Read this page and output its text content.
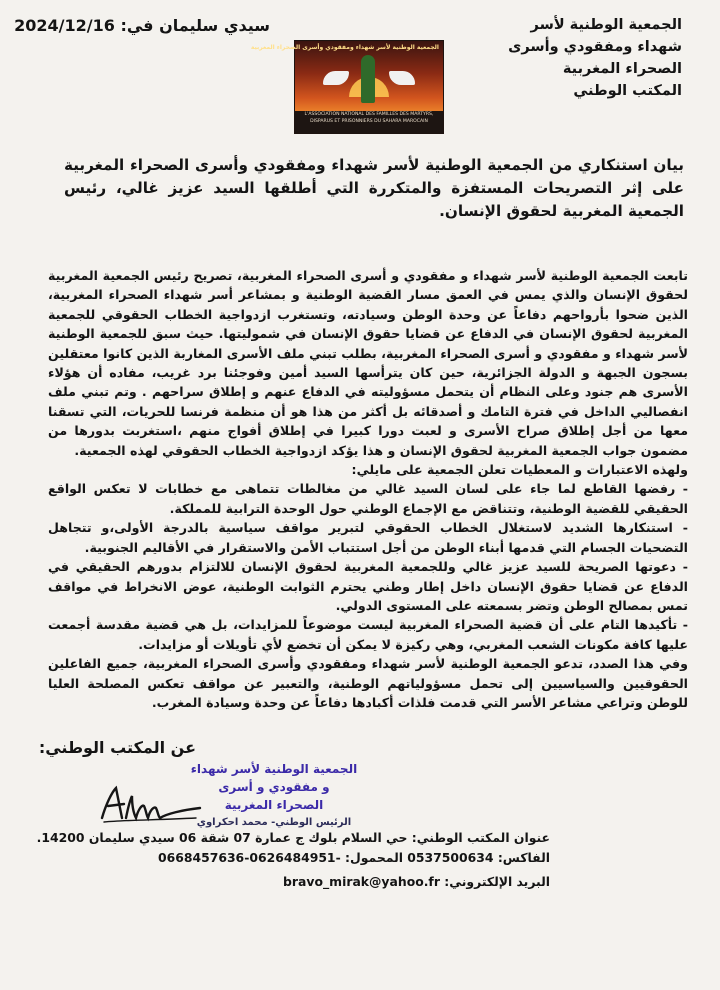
الجمعية الوطنية لأسر
شهداء ومفقودي وأسرى
الصحراء المغربية
المكتب الوطني
سيدي سليمان في: 2024/12/16
الجمعية الوطنية لأسر شهداء ومفقودي وأسرى الصحراء المغربية
L'ASSOCIATION NATIONAL DES FAMILLES DES MARTYRS,
DISPARUS ET PRISONNIERS DU SAHARA MAROCAIN
بيان استنكاري من الجمعية الوطنية لأسر شهداء ومفقودي وأسرى الصحراء المغربية على إثر التصريحات المستفزة والمتكررة التي أطلقها السيد عزيز غالي، رئيس الجمعية المغربية لحقوق الإنسان.

تابعت الجمعية الوطنية لأسر شهداء و مفقودي و أسرى الصحراء المغربية، تصريح رئيس الجمعية المغربية لحقوق الإنسان والذي يمس في العمق مسار القضية الوطنية و بمشاعر أسر شهداء الصحراء المغربية، الذين ضحوا بأرواحهم دفاعاً عن وحدة الوطن وسيادته، وتستغرب ازدواجية الخطاب الحقوقي للجمعية المغربية لحقوق الإنسان في الدفاع عن قضايا حقوق الإنسان في شموليتها. حيث سبق للجمعية الوطنية لأسر شهداء و مفقودي و أسرى الصحراء المغربية، بطلب تبني ملف الأسرى المغاربة الذين كانوا معتقلين بسجون الجبهة و الدولة الجزائرية، حين كان يترأسها السيد أمين وفوجئنا برد غريب، مفاده أن هؤلاء الأسرى هم جنود وعلى النظام أن يتحمل مسؤوليته في الدفاع عنهم و إطلاق سراحهم . وتم تبني ملف انفصاليي الداخل في فترة التامك و أصدقائه بل أكثر من هذا هو أن منظمة فرنسا للحريات، التي تسقنا معها من أجل إطلاق صراح الأسرى و لعبت دورا كبيرا في إطلاق أفواج منهم ،استغربت بدورها من مضمون جواب الجمعية المغربية لحقوق الإنسان و هذا يؤكد ازدواجية الخطاب الحقوقي لهذه الجمعية.

ولهذه الاعتبارات و المعطيات تعلن الجمعية على مايلي:

- رفضها القاطع لما جاء على لسان السيد غالي من مغالطات تتماهى مع خطابات لا تعكس الواقع الحقيقي للقضية الوطنية، وتتناقض مع الإجماع الوطني حول الوحدة الترابية للمملكة.

- استنكارها الشديد لاستغلال الخطاب الحقوقي لتبرير مواقف سياسية بالدرجة الأولى،و تتجاهل التضحيات الجسام التي قدمها أبناء الوطن من أجل استتباب الأمن والاستقرار في الأقاليم الجنوبية.

- دعوتها الصريحة للسيد عزيز غالي وللجمعية المغربية لحقوق الإنسان للالتزام بدورهم الحقيقي في الدفاع عن قضايا حقوق الإنسان داخل إطار وطني يحترم الثوابت الوطنية، عوض الانخراط في مواقف تمس بمصالح الوطن وتضر بسمعته على المستوى الدولي.

- تأكيدها التام على أن قضية الصحراء المغربية ليست موضوعاً للمزايدات، بل هي قضية مقدسة أجمعت عليها كافة مكونات الشعب المغربي، وهي ركيزة لا يمكن أن تخضع لأي تأويلات أو مزايدات.

وفي هذا الصدد، تدعو الجمعية الوطنية لأسر شهداء ومفقودي وأسرى الصحراء المغربية، جميع الفاعلين الحقوقيين والسياسيين إلى تحمل مسؤولياتهم الوطنية، والتعبير عن مواقف تعكس المصلحة العليا للوطن وتراعي مشاعر الأسر التي قدمت فلذات أكبادها دفاعاً عن وحدة وسيادة المغرب.

عن المكتب الوطني:
الجمعية الوطنية لأسر شهداء
و مفقودي و أسرى
الصحراء المغربية
الرئيس الوطني- محمد احكراوي
عنوان المكتب الوطني: حي السلام بلوك ج عمارة 07 شقة 06 سيدي سليمان 14200.
الفاكس: 0537500634 المحمول: -0626484951-0668457636
البريد الإلكتروني: bravo_mirak@yahoo.fr
